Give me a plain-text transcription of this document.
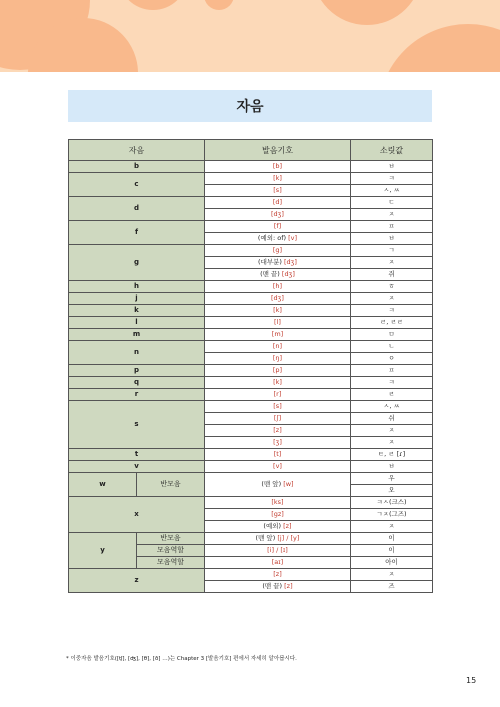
자음
자음		발음기호	소릿값
b		[b]	ㅂ
c		[k]	ㅋ
		[s]	ㅅ, ㅆ
d		[d]	ㄷ
		[dʒ]	ㅈ
f		[f]	ㅍ
		(예외: of) [v]	ㅂ
g		[g]	ㄱ
		(대부분) [dʒ]	ㅈ
		(맨 끝) [dʒ]	쥐
h		[h]	ㅎ
j		[dʒ]	ㅈ
k		[k]	ㅋ
l		[l]	ㄹ, ㄹㄹ
m		[m]	ㅁ
n		[n]	ㄴ
		[ŋ]	ㅇ
p		[p]	ㅍ
q		[k]	ㅋ
r		[r]	ㄹ
s		[s]	ㅅ, ㅆ
		[ʃ]	쉬
		[z]	ㅈ
		[ʒ]	ㅈ
t		[t]	ㅌ, ㄹ [ɾ]
v		[v]	ㅂ
w	반모음	(맨 앞) [w]	우
			오
x		[ks]	ㅋㅅ(크스)
		[gz]	ㄱㅈ(그즈)
		(예외) [z]	ㅈ
y	반모음	(맨 앞) [j] / [y]	이
	모음역할	[i] / [ɪ]	이
	모음역할	[aɪ]	아이
z		[z]	ㅈ
		(맨 끝) [z]	즈
* 이중자음 발음기호([ʧ], [ʤ], [θ], [ð] …)는 Chapter 3 [발음기호] 편에서 자세히 알아봅시다.
15
